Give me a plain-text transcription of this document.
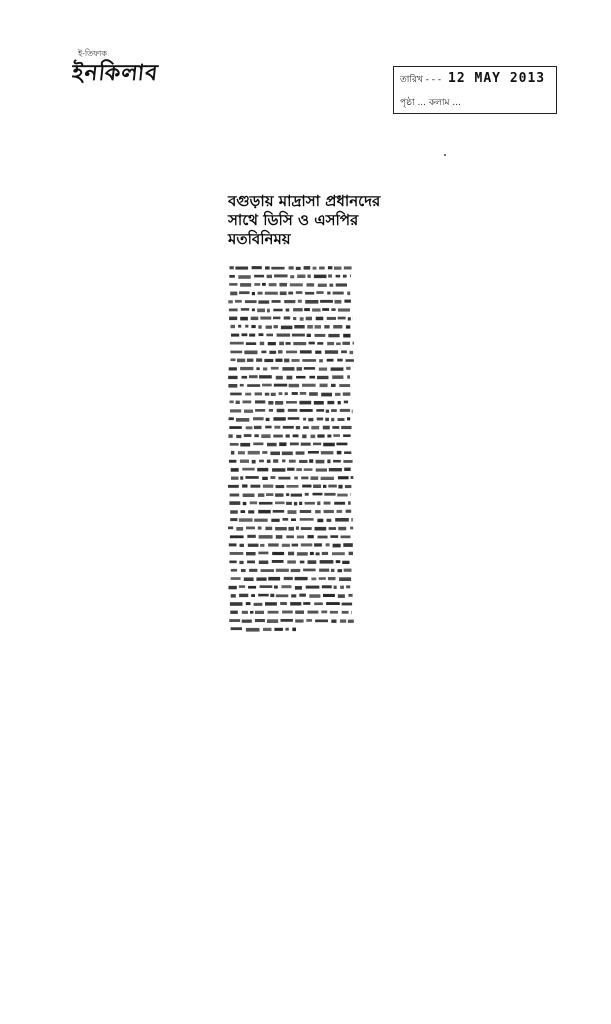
ই-তিফাক
ইনকিলাব	তারিখ - - - 12 MAY 2013
পৃষ্ঠা ... কলাম ...
বগুড়ায় মাদ্রাসা প্রধানদের
সাথে ডিসি ও এসপির
মতবিনিময়
